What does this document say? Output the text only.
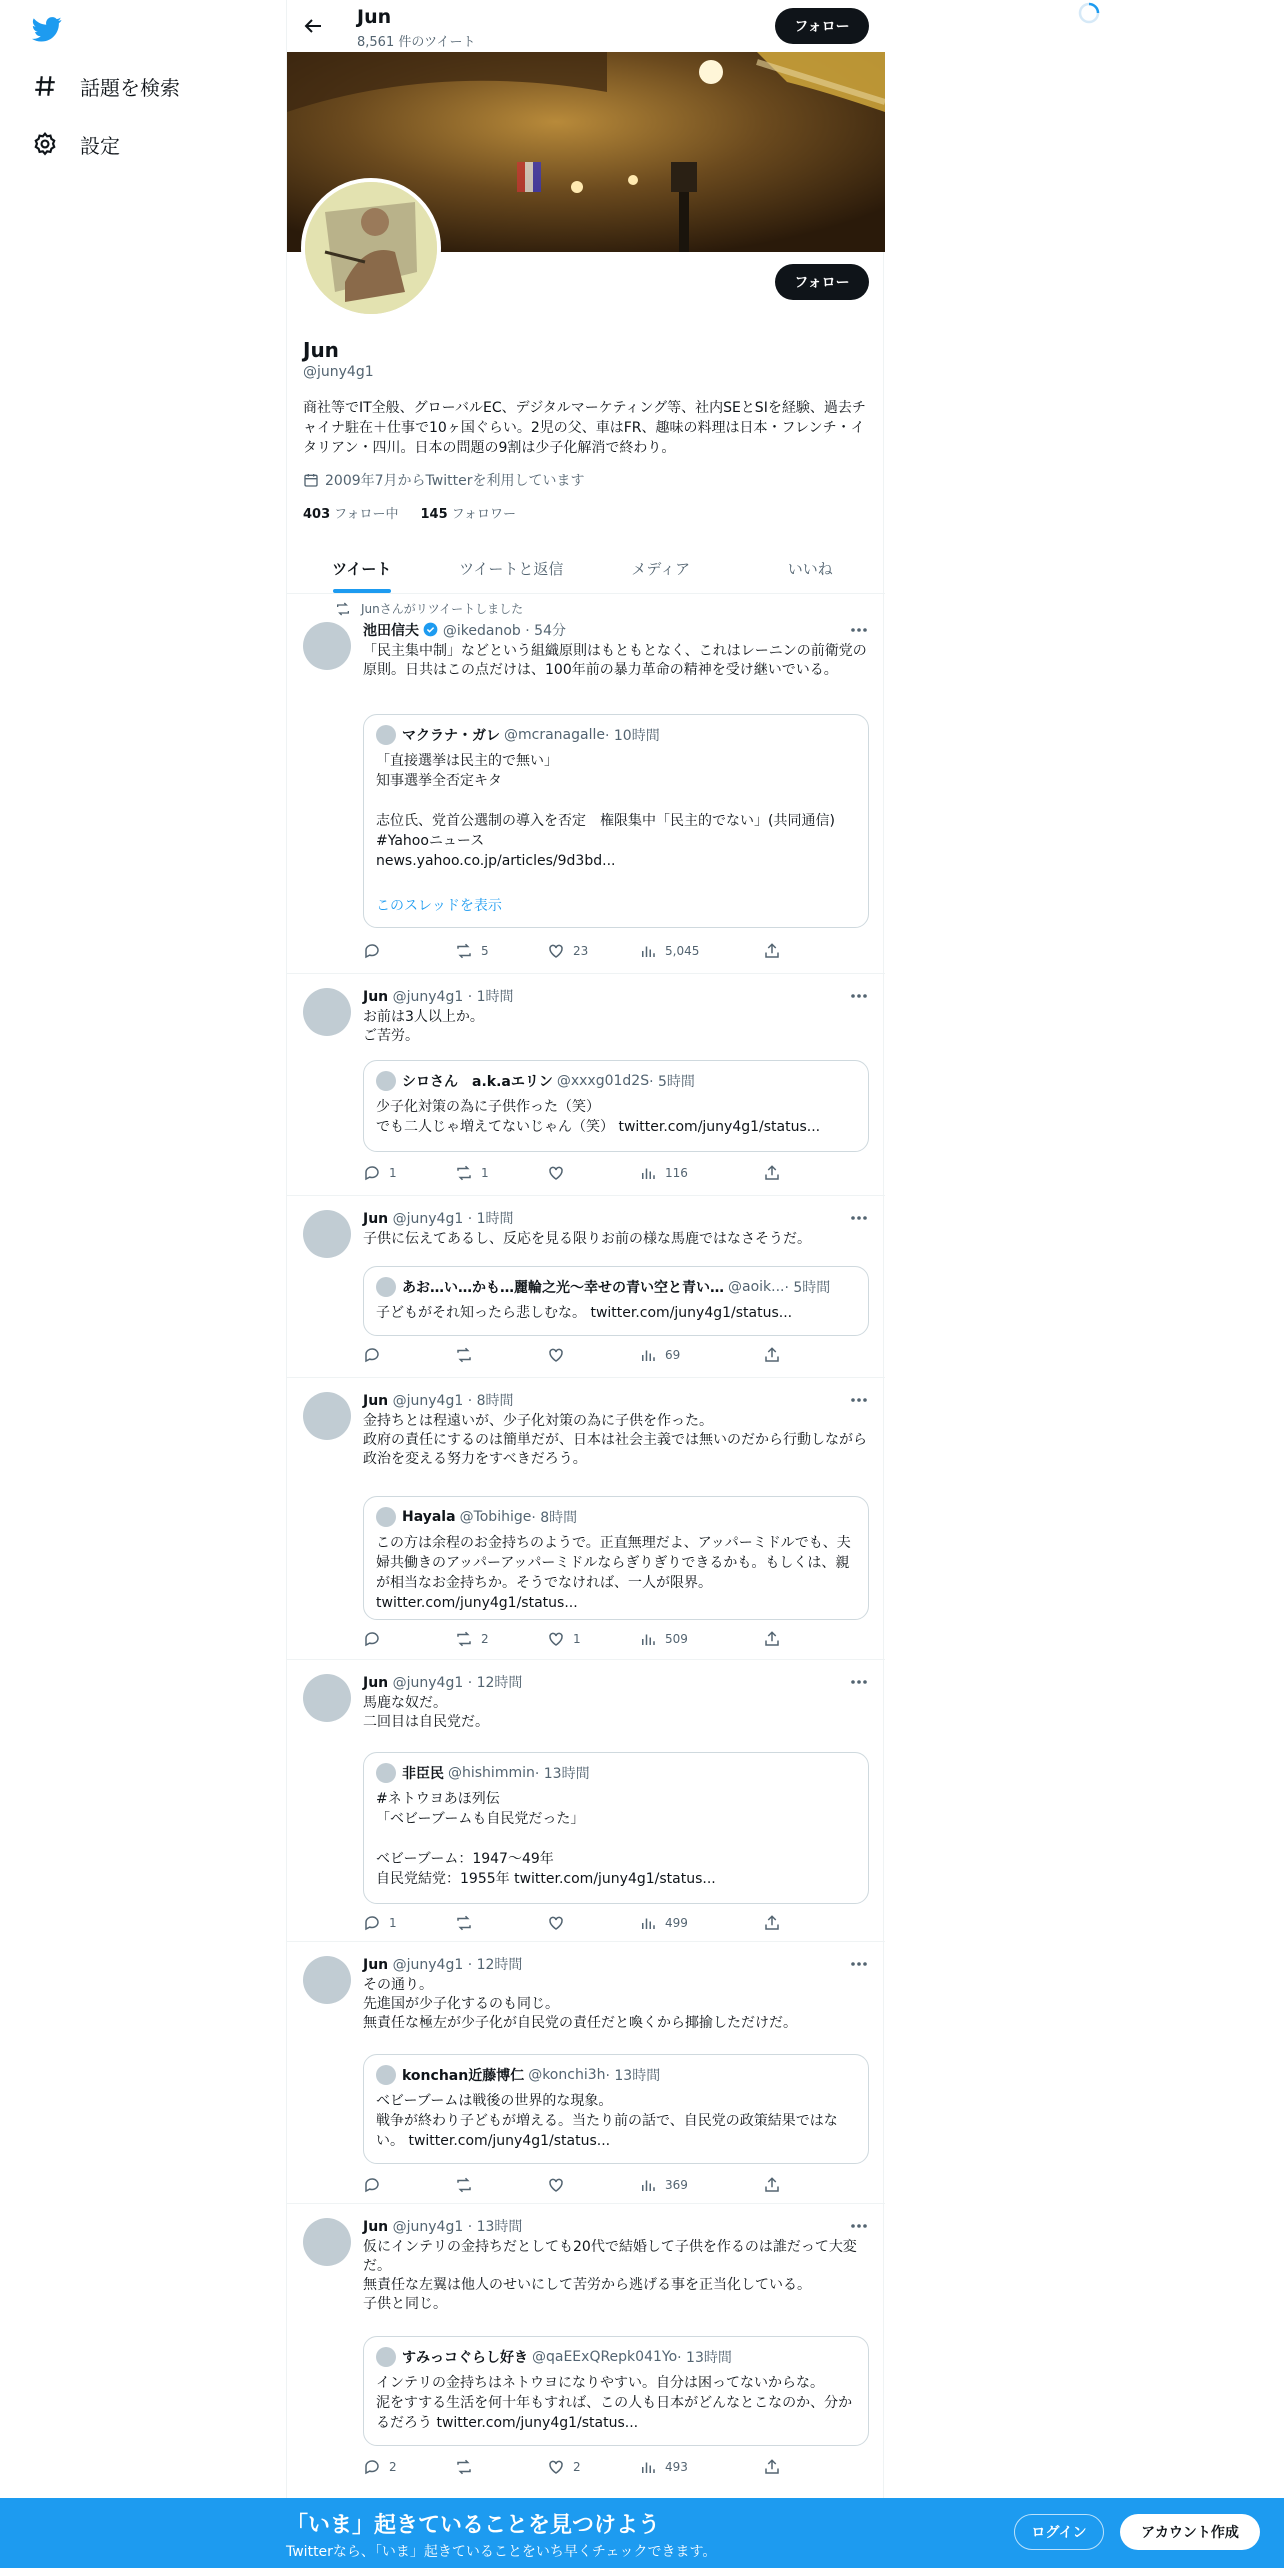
話題を検索
設定
Jun
8,561 件のツイート
フォロー
フォロー
Jun
@juny4g1
商社等でIT全般、グローバルEC、デジタルマーケティング等、社内SEとSIを経験、過去チャイナ駐在＋仕事で10ヶ国ぐらい。2児の父、車はFR、趣味の料理は日本・フレンチ・イタリアン・四川。日本の問題の9割は少子化解消で終わり。
2009年7月からTwitterを利用しています
403 フォロー中 145 フォロワー
ツイート	ツイートと返信	メディア	いいね
Junさんがリツイートしました
池田信夫 @ikedanob · 54分
「民主集中制」などという組織原則はもともとなく、これはレーニンの前衛党の原則。日共はこの点だけは、100年前の暴力革命の精神を受け継いでいる。
マクラナ・ガレ @mcranagalle · 10時間
「直接選挙は民主的で無い」
知事選挙全否定キタ

志位氏、党首公選制の導入を否定　権限集中「民主的でない」(共同通信)
#Yahooニュース
news.yahoo.co.jp/articles/9d3bd...
このスレッドを表示
5	23	5,045
Jun @juny4g1 · 1時間
お前は3人以上か。
ご苦労。
シロさん　a.k.aエリン @xxxg01d2S · 5時間
少子化対策の為に子供作った（笑）
でも二人じゃ増えてないじゃん（笑） twitter.com/juny4g1/status...
1	1	116
Jun @juny4g1 · 1時間
子供に伝えてあるし、反応を見る限りお前の様な馬鹿ではなさそうだ。
あお…い…かも…麗輪之光～幸せの青い空と青い… @aoik... · 5時間
子どもがそれ知ったら悲しむな。 twitter.com/juny4g1/status...
69
Jun @juny4g1 · 8時間
金持ちとは程遠いが、少子化対策の為に子供を作った。
政府の責任にするのは簡単だが、日本は社会主義では無いのだから行動しながら政治を変える努力をすべきだろう。
Hayala @Tobihige · 8時間
この方は余程のお金持ちのようで。正直無理だよ、アッパーミドルでも、夫婦共働きのアッパーアッパーミドルならぎりぎりできるかも。もしくは、親が相当なお金持ちか。そうでなければ、一人が限界。
twitter.com/juny4g1/status...
2	1	509
Jun @juny4g1 · 12時間
馬鹿な奴だ。
二回目は自民党だ。
非臣民 @hishimmin · 13時間
#ネトウヨあほ列伝
「ベビーブームも自民党だった」

ベビーブーム：1947～49年
自民党結党：1955年 twitter.com/juny4g1/status...
1	499
Jun @juny4g1 · 12時間
その通り。
先進国が少子化するのも同じ。
無責任な極左が少子化が自民党の責任だと喚くから揶揄しただけだ。
konchan近藤博仁 @konchi3h · 13時間
ベビーブームは戦後の世界的な現象。
戦争が終わり子どもが増える。当たり前の話で、自民党の政策結果ではない。 twitter.com/juny4g1/status...
369
Jun @juny4g1 · 13時間
仮にインテリの金持ちだとしても20代で結婚して子供を作るのは誰だって大変だ。
無責任な左翼は他人のせいにして苦労から逃げる事を正当化している。
子供と同じ。
すみっコぐらし好き @qaEExQRepk041Yo · 13時間
インテリの金持ちはネトウヨになりやすい。自分は困ってないからな。
泥をすする生活を何十年もすれば、この人も日本がどんなとこなのか、分かるだろう twitter.com/juny4g1/status...
2	2	493
「いま」起きていることを見つけよう
Twitterなら、「いま」起きていることをいち早くチェックできます。
ログイン	アカウント作成
